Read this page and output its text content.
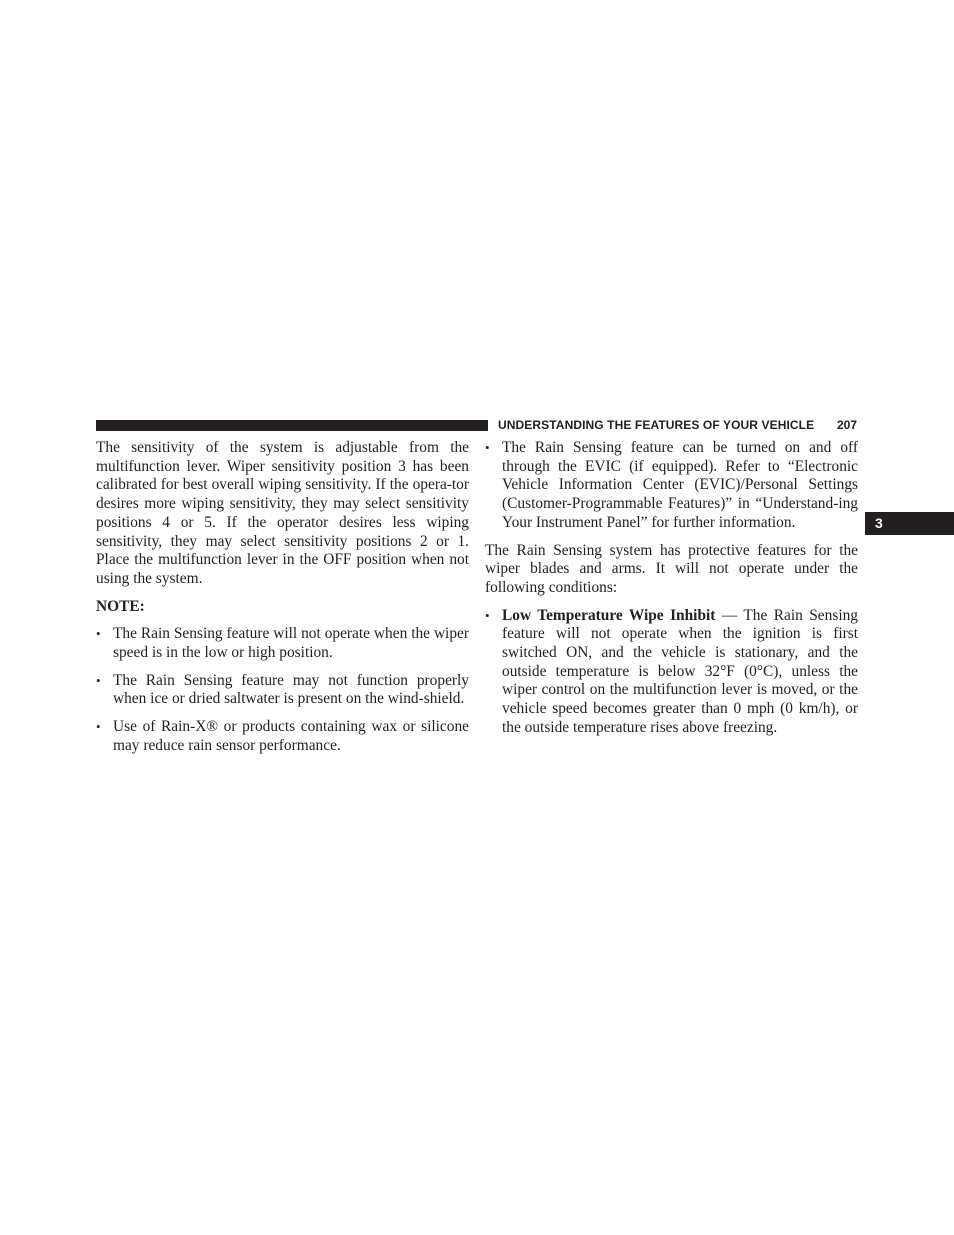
UNDERSTANDING THE FEATURES OF YOUR VEHICLE 207
3

The sensitivity of the system is adjustable from the multifunction lever. Wiper sensitivity position 3 has been calibrated for best overall wiping sensitivity. If the opera-tor desires more wiping sensitivity, they may select sensitivity positions 4 or 5. If the operator desires less wiping sensitivity, they may select sensitivity positions 2 or 1. Place the multifunction lever in the OFF position when not using the system.

NOTE:

• The Rain Sensing feature will not operate when the wiper speed is in the low or high position.
• The Rain Sensing feature may not function properly when ice or dried saltwater is present on the wind-shield.
• Use of Rain-X® or products containing wax or silicone may reduce rain sensor performance.
• The Rain Sensing feature can be turned on and off through the EVIC (if equipped). Refer to “Electronic Vehicle Information Center (EVIC)/Personal Settings (Customer-Programmable Features)” in “Understand-ing Your Instrument Panel” for further information.

The Rain Sensing system has protective features for the wiper blades and arms. It will not operate under the following conditions:

• Low Temperature Wipe Inhibit — The Rain Sensing feature will not operate when the ignition is first switched ON, and the vehicle is stationary, and the outside temperature is below 32°F (0°C), unless the wiper control on the multifunction lever is moved, or the vehicle speed becomes greater than 0 mph (0 km/h), or the outside temperature rises above freezing.
